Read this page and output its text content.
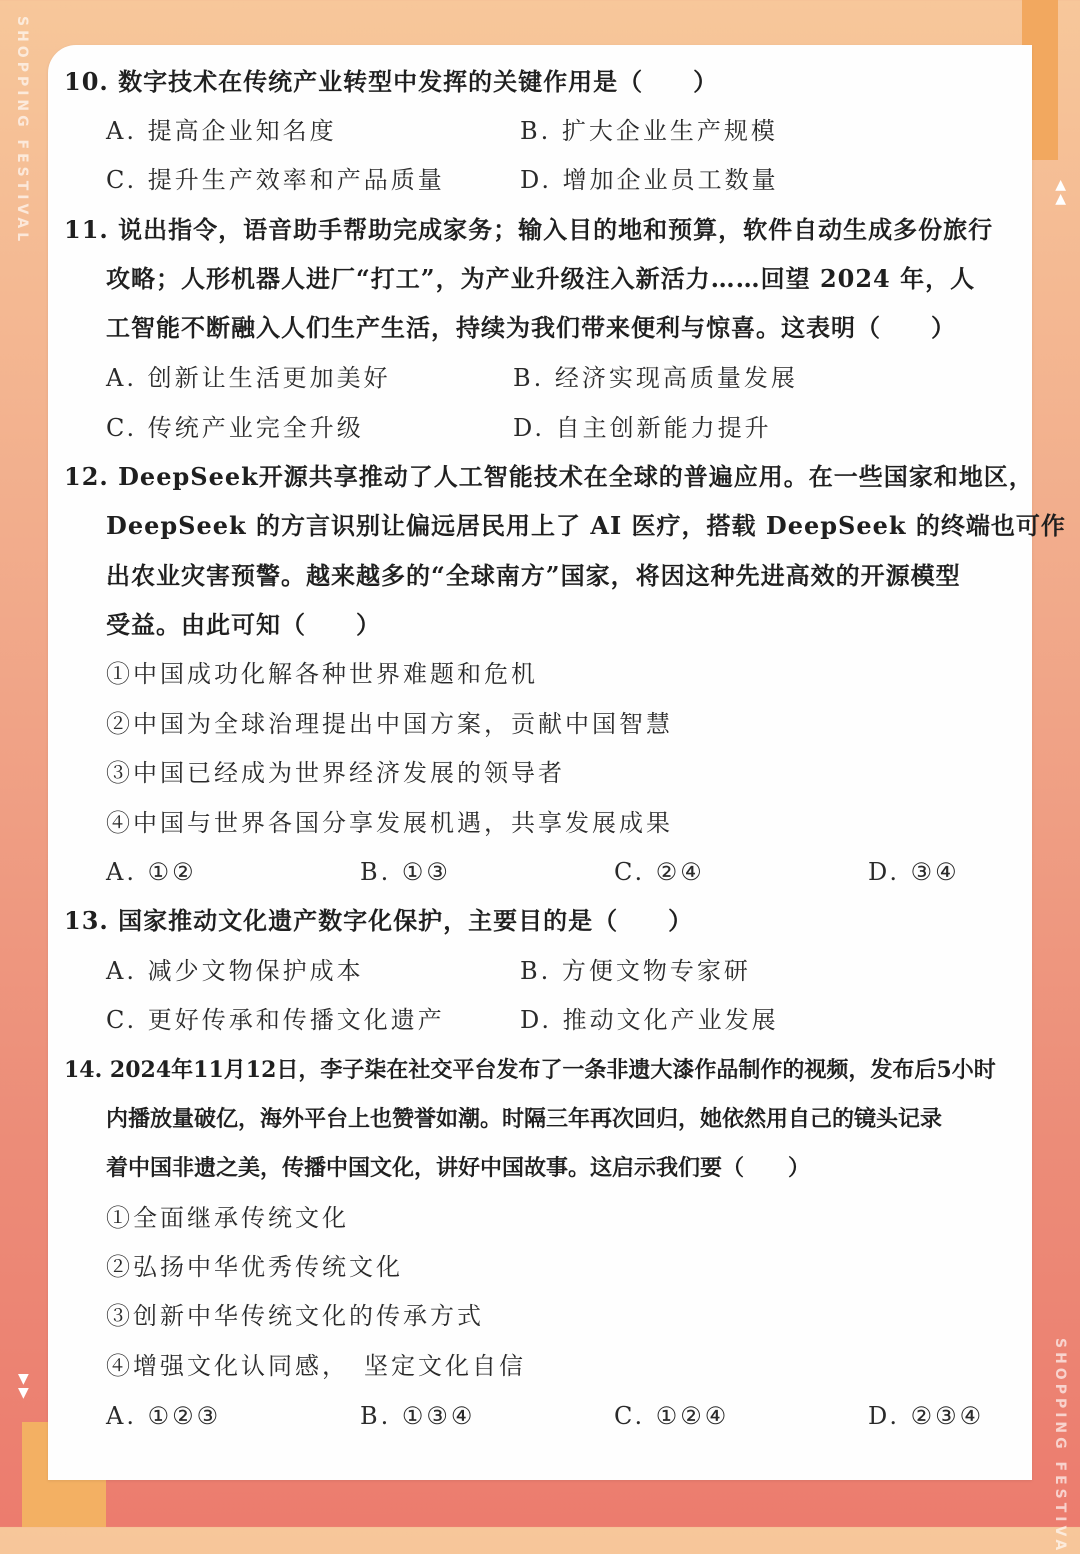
SHOPPING FESTIVAL
SHOPPING FESTIVA
▲
▲
▼
▼
10. 数字技术在传统产业转型中发挥的关键作用是（　　）
A. 提高企业知名度	B. 扩大企业生产规模
C. 提升生产效率和产品质量	D. 增加企业员工数量
11. 说出指令，语音助手帮助完成家务；输入目的地和预算，软件自动生成多份旅行
攻略；人形机器人进厂“打工”，为产业升级注入新活力……回望 2024 年，人
工智能不断融入人们生产生活，持续为我们带来便利与惊喜。这表明（　　）
A. 创新让生活更加美好	B. 经济实现高质量发展
C. 传统产业完全升级	D. 自主创新能力提升
12. DeepSeek开源共享推动了人工智能技术在全球的普遍应用。在一些国家和地区，
DeepSeek 的方言识别让偏远居民用上了 AI 医疗，搭载 DeepSeek 的终端也可作
出农业灾害预警。越来越多的“全球南方”国家，将因这种先进高效的开源模型
受益。由此可知（　　）
①中国成功化解各种世界难题和危机
②中国为全球治理提出中国方案，贡献中国智慧
③中国已经成为世界经济发展的领导者
④中国与世界各国分享发展机遇，共享发展成果
A. ①②	B. ①③	C. ②④	D. ③④
13. 国家推动文化遗产数字化保护，主要目的是（　　）
A. 减少文物保护成本	B. 方便文物专家研
C. 更好传承和传播文化遗产	D. 推动文化产业发展
14. 2024年11月12日，李子柒在社交平台发布了一条非遗大漆作品制作的视频，发布后5小时
内播放量破亿，海外平台上也赞誉如潮。时隔三年再次回归，她依然用自己的镜头记录
着中国非遗之美，传播中国文化，讲好中国故事。这启示我们要（　　）
①全面继承传统文化
②弘扬中华优秀传统文化
③创新中华传统文化的传承方式
④增强文化认同感，　坚定文化自信
A. ①②③	B. ①③④	C. ①②④	D. ②③④
